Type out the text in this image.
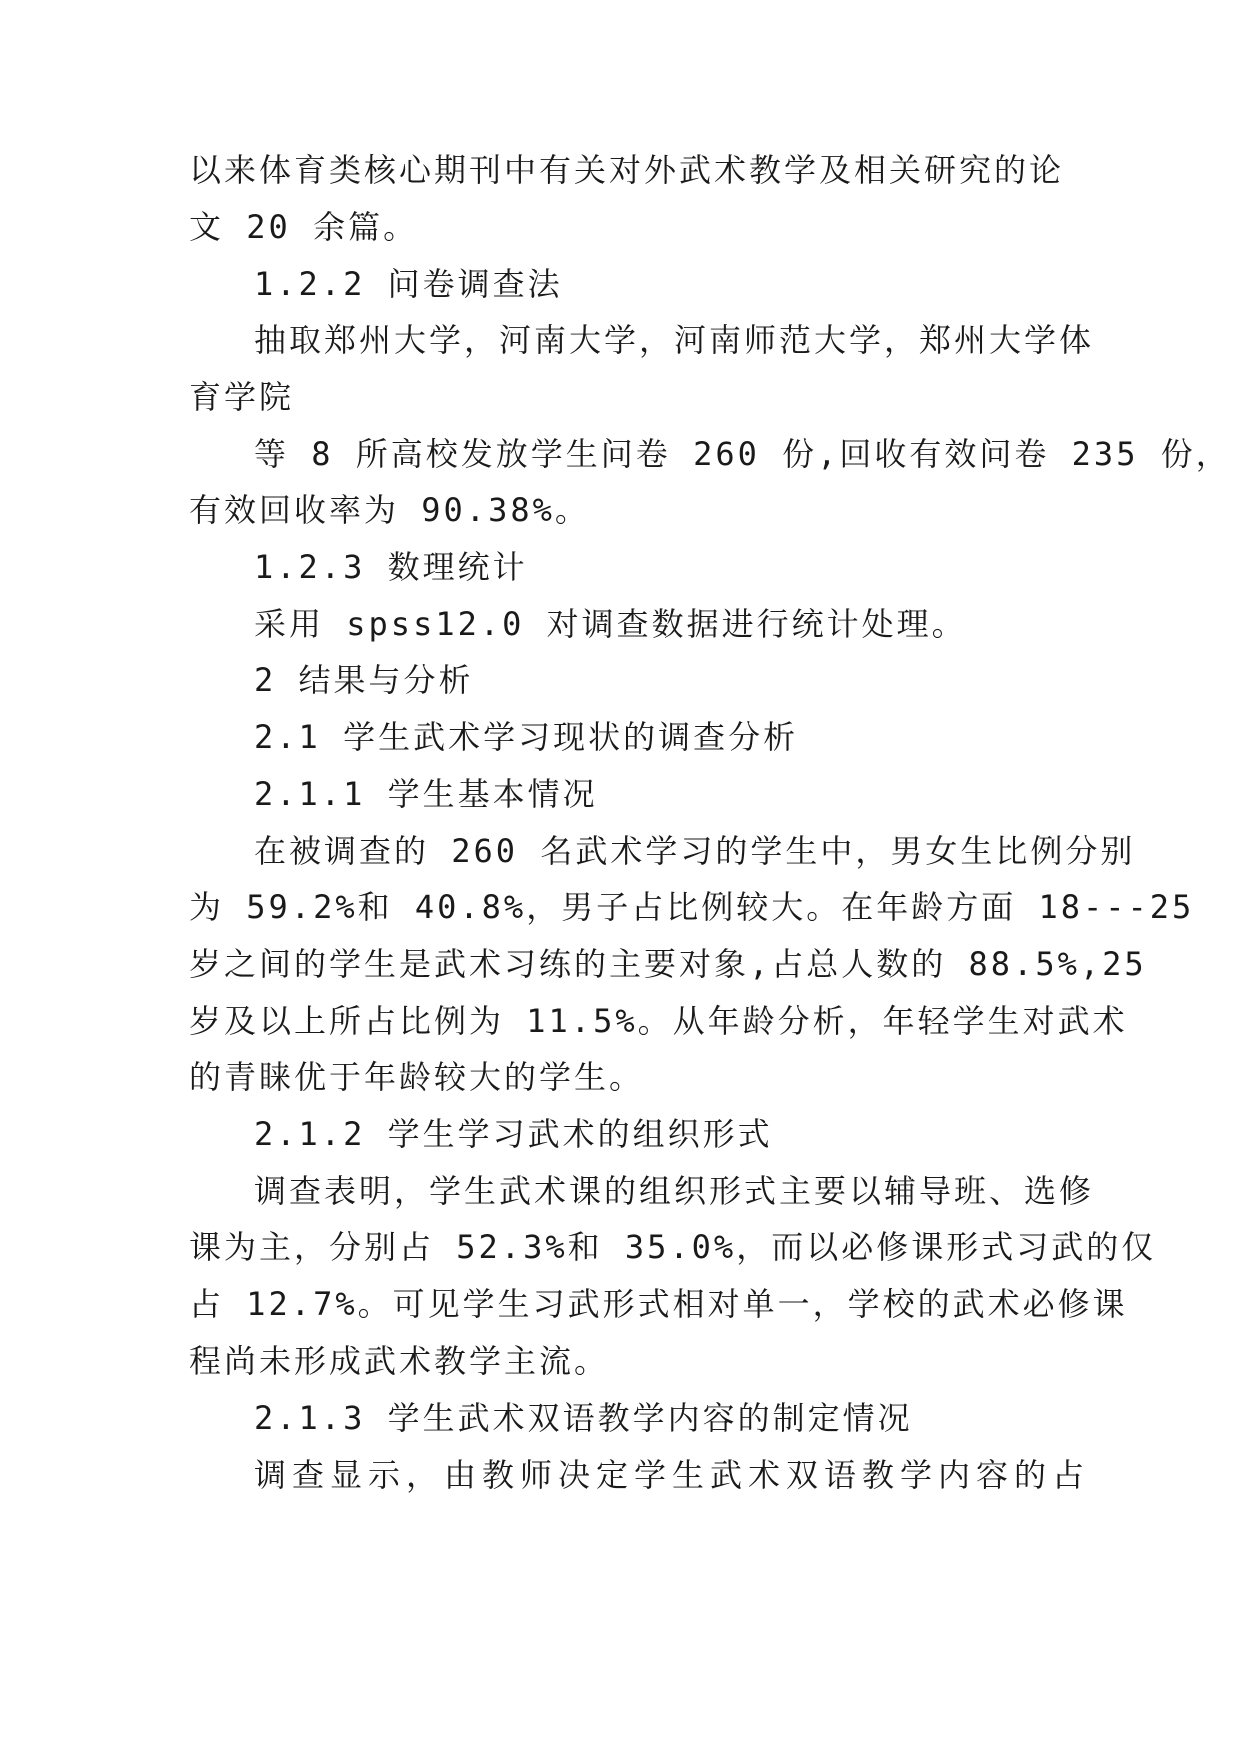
以来体育类核心期刊中有关对外武术教学及相关研究的论
文 20 余篇。
1.2.2 问卷调查法
抽取郑州大学，河南大学，河南师范大学，郑州大学体
育学院
等 8 所高校发放学生问卷 260 份,回收有效问卷 235 份，
有效回收率为 90.38%。
1.2.3 数理统计
采用 spss12.0 对调查数据进行统计处理。
2 结果与分析
2.1 学生武术学习现状的调查分析
2.1.1 学生基本情况
在被调查的 260 名武术学习的学生中，男女生比例分别
为 59.2%和 40.8%，男子占比例较大。在年龄方面 18---25
岁之间的学生是武术习练的主要对象,占总人数的 88.5%,25
岁及以上所占比例为 11.5%。从年龄分析，年轻学生对武术
的青睐优于年龄较大的学生。
2.1.2 学生学习武术的组织形式
调查表明，学生武术课的组织形式主要以辅导班、选修
课为主，分别占 52.3%和 35.0%，而以必修课形式习武的仅
占 12.7%。可见学生习武形式相对单一，学校的武术必修课
程尚未形成武术教学主流。
2.1.3 学生武术双语教学内容的制定情况
调查显示，由教师决定学生武术双语教学内容的占
